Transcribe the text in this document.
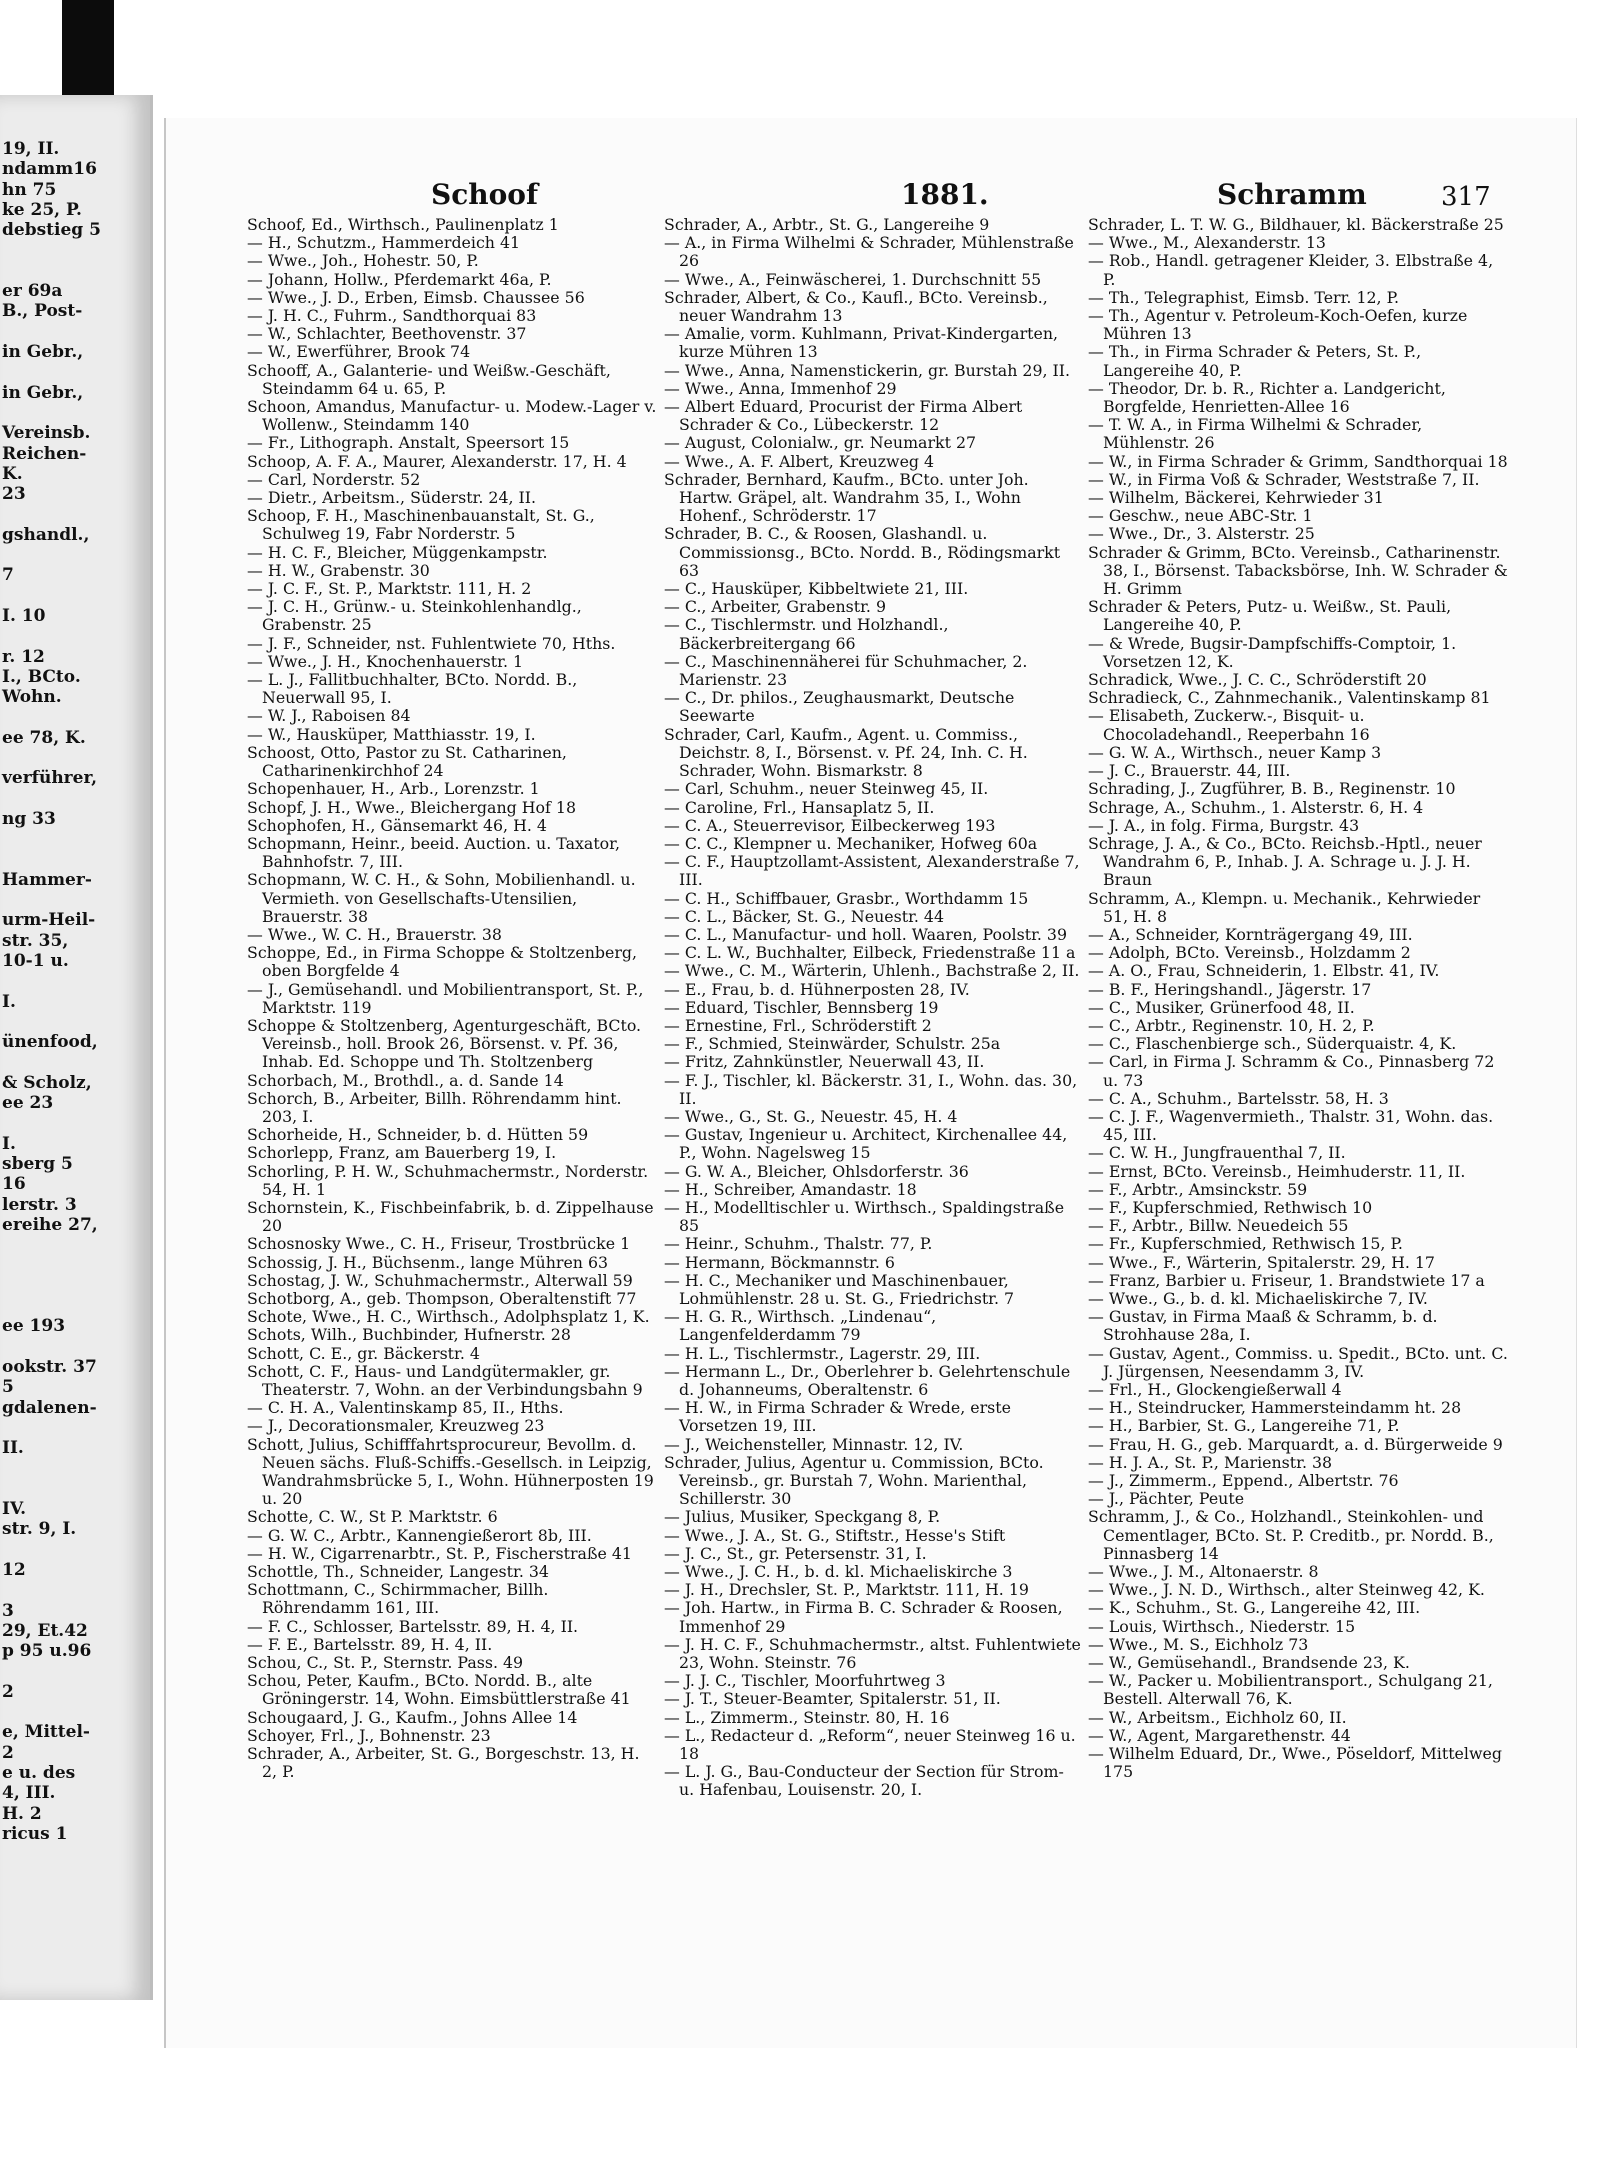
19, II.
ndamm16
hn 75
ke 25, P.
debstieg 5
er 69a
B., Post-
in Gebr.,
in Gebr.,
Vereinsb.
Reichen-
K.
23
gshandl.,
7
I. 10
r. 12
I., BCto.
Wohn.
ee 78, K.
verführer,
ng 33
Hammer-
urm-Heil-
str. 35,
10-1 u.
I.
ünenfood,
& Scholz,
ee 23
I.
sberg 5
16
lerstr. 3
ereihe 27,
ee 193
ookstr. 37
5
gdalenen-
II.
IV.
str. 9, I.
12
3
29, Et.42
p 95 u.96
2
e, Mittel-
2
e u. des
4, III.
H. 2
ricus 1
Schoof	1881.	Schramm	317

Schoof, Ed., Wirthsch., Paulinenplatz 1

— H., Schutzm., Hammerdeich 41

— Wwe., Joh., Hohestr. 50, P.

— Johann, Hollw., Pferdemarkt 46a, P.

— Wwe., J. D., Erben, Eimsb. Chaussee 56

— J. H. C., Fuhrm., Sandthorquai 83

— W., Schlachter, Beethovenstr. 37

— W., Ewerführer, Brook 74

Schooff, A., Galanterie- und Weißw.-Geschäft, Steindamm 64 u. 65, P.

Schoon, Amandus, Manufactur- u. Modew.-Lager v. Wollenw., Steindamm 140

— Fr., Lithograph. Anstalt, Speersort 15

Schoop, A. F. A., Maurer, Alexanderstr. 17, H. 4

— Carl, Norderstr. 52

— Dietr., Arbeitsm., Süderstr. 24, II.

Schoop, F. H., Maschinenbauanstalt, St. G., Schulweg 19, Fabr Norderstr. 5

— H. C. F., Bleicher, Müggenkampstr.

— H. W., Grabenstr. 30

— J. C. F., St. P., Marktstr. 111, H. 2

— J. C. H., Grünw.- u. Steinkohlenhandlg., Grabenstr. 25

— J. F., Schneider, nst. Fuhlentwiete 70, Hths.

— Wwe., J. H., Knochenhauerstr. 1

— L. J., Fallitbuchhalter, BCto. Nordd. B., Neuerwall 95, I.

— W. J., Raboisen 84

— W., Hausküper, Matthiasstr. 19, I.

Schoost, Otto, Pastor zu St. Catharinen, Catharinenkirchhof 24

Schopenhauer, H., Arb., Lorenzstr. 1

Schopf, J. H., Wwe., Bleichergang Hof 18

Schophofen, H., Gänsemarkt 46, H. 4

Schopmann, Heinr., beeid. Auction. u. Taxator, Bahnhofstr. 7, III.

Schopmann, W. C. H., & Sohn, Mobilienhandl. u. Vermieth. von Gesellschafts-Utensilien, Brauerstr. 38

— Wwe., W. C. H., Brauerstr. 38

Schoppe, Ed., in Firma Schoppe & Stoltzenberg, oben Borgfelde 4

— J., Gemüsehandl. und Mobilientransport, St. P., Marktstr. 119

Schoppe & Stoltzenberg, Agenturgeschäft, BCto. Vereinsb., holl. Brook 26, Börsenst. v. Pf. 36, Inhab. Ed. Schoppe und Th. Stoltzenberg

Schorbach, M., Brothdl., a. d. Sande 14

Schorch, B., Arbeiter, Billh. Röhrendamm hint. 203, I.

Schorheide, H., Schneider, b. d. Hütten 59

Schorlepp, Franz, am Bauerberg 19, I.

Schorling, P. H. W., Schuhmachermstr., Norderstr. 54, H. 1

Schornstein, K., Fischbeinfabrik, b. d. Zippelhause 20

Schosnosky Wwe., C. H., Friseur, Trostbrücke 1

Schossig, J. H., Büchsenm., lange Mühren 63

Schostag, J. W., Schuhmachermstr., Alterwall 59

Schotborg, A., geb. Thompson, Oberaltenstift 77

Schote, Wwe., H. C., Wirthsch., Adolphsplatz 1, K.

Schots, Wilh., Buchbinder, Hufnerstr. 28

Schott, C. E., gr. Bäckerstr. 4

Schott, C. F., Haus- und Landgütermakler, gr. Theaterstr. 7, Wohn. an der Verbindungsbahn 9

— C. H. A., Valentinskamp 85, II., Hths.

— J., Decorationsmaler, Kreuzweg 23

Schott, Julius, Schifffahrtsprocureur, Bevollm. d. Neuen sächs. Fluß-Schiffs.-Gesellsch. in Leipzig, Wandrahmsbrücke 5, I., Wohn. Hühnerposten 19 u. 20

Schotte, C. W., St P. Marktstr. 6

— G. W. C., Arbtr., Kannengießerort 8b, III.

— H. W., Cigarrenarbtr., St. P., Fischerstraße 41

Schottle, Th., Schneider, Langestr. 34

Schottmann, C., Schirmmacher, Billh. Röhrendamm 161, III.

— F. C., Schlosser, Bartelsstr. 89, H. 4, II.

— F. E., Bartelsstr. 89, H. 4, II.

Schou, C., St. P., Sternstr. Pass. 49

Schou, Peter, Kaufm., BCto. Nordd. B., alte Gröningerstr. 14, Wohn. Eimsbüttlerstraße 41

Schougaard, J. G., Kaufm., Johns Allee 14

Schoyer, Frl., J., Bohnenstr. 23

Schrader, A., Arbeiter, St. G., Borgeschstr. 13, H. 2, P.

Schrader, A., Arbtr., St. G., Langereihe 9

— A., in Firma Wilhelmi & Schrader, Mühlenstraße 26

— Wwe., A., Feinwäscherei, 1. Durchschnitt 55

Schrader, Albert, & Co., Kaufl., BCto. Vereinsb., neuer Wandrahm 13

— Amalie, vorm. Kuhlmann, Privat-Kindergarten, kurze Mühren 13

— Wwe., Anna, Namenstickerin, gr. Burstah 29, II.

— Wwe., Anna, Immenhof 29

— Albert Eduard, Procurist der Firma Albert Schrader & Co., Lübeckerstr. 12

— August, Colonialw., gr. Neumarkt 27

— Wwe., A. F. Albert, Kreuzweg 4

Schrader, Bernhard, Kaufm., BCto. unter Joh. Hartw. Gräpel, alt. Wandrahm 35, I., Wohn Hohenf., Schröderstr. 17

Schrader, B. C., & Roosen, Glashandl. u. Commissionsg., BCto. Nordd. B., Rödingsmarkt 63

— C., Hausküper, Kibbeltwiete 21, III.

— C., Arbeiter, Grabenstr. 9

— C., Tischlermstr. und Holzhandl., Bäckerbreitergang 66

— C., Maschinennäherei für Schuhmacher, 2. Marienstr. 23

— C., Dr. philos., Zeughausmarkt, Deutsche Seewarte

Schrader, Carl, Kaufm., Agent. u. Commiss., Deichstr. 8, I., Börsenst. v. Pf. 24, Inh. C. H. Schrader, Wohn. Bismarkstr. 8

— Carl, Schuhm., neuer Steinweg 45, II.

— Caroline, Frl., Hansaplatz 5, II.

— C. A., Steuerrevisor, Eilbeckerweg 193

— C. C., Klempner u. Mechaniker, Hofweg 60a

— C. F., Hauptzollamt-Assistent, Alexanderstraße 7, III.

— C. H., Schiffbauer, Grasbr., Worthdamm 15

— C. L., Bäcker, St. G., Neuestr. 44

— C. L., Manufactur- und holl. Waaren, Poolstr. 39

— C. L. W., Buchhalter, Eilbeck, Friedenstraße 11 a

— Wwe., C. M., Wärterin, Uhlenh., Bachstraße 2, II.

— E., Frau, b. d. Hühnerposten 28, IV.

— Eduard, Tischler, Bennsberg 19

— Ernestine, Frl., Schröderstift 2

— F., Schmied, Steinwärder, Schulstr. 25a

— Fritz, Zahnkünstler, Neuerwall 43, II.

— F. J., Tischler, kl. Bäckerstr. 31, I., Wohn. das. 30, II.

— Wwe., G., St. G., Neuestr. 45, H. 4

— Gustav, Ingenieur u. Architect, Kirchenallee 44, P., Wohn. Nagelsweg 15

— G. W. A., Bleicher, Ohlsdorferstr. 36

— H., Schreiber, Amandastr. 18

— H., Modelltischler u. Wirthsch., Spaldingstraße 85

— Heinr., Schuhm., Thalstr. 77, P.

— Hermann, Böckmannstr. 6

— H. C., Mechaniker und Maschinenbauer, Lohmühlenstr. 28 u. St. G., Friedrichstr. 7

— H. G. R., Wirthsch. „Lindenau“, Langenfelderdamm 79

— H. L., Tischlermstr., Lagerstr. 29, III.

— Hermann L., Dr., Oberlehrer b. Gelehrtenschule d. Johanneums, Oberaltenstr. 6

— H. W., in Firma Schrader & Wrede, erste Vorsetzen 19, III.

— J., Weichensteller, Minnastr. 12, IV.

Schrader, Julius, Agentur u. Commission, BCto. Vereinsb., gr. Burstah 7, Wohn. Marienthal, Schillerstr. 30

— Julius, Musiker, Speckgang 8, P.

— Wwe., J. A., St. G., Stiftstr., Hesse's Stift

— J. C., St., gr. Petersenstr. 31, I.

— Wwe., J. C. H., b. d. kl. Michaeliskirche 3

— J. H., Drechsler, St. P., Marktstr. 111, H. 19

— Joh. Hartw., in Firma B. C. Schrader & Roosen, Immenhof 29

— J. H. C. F., Schuhmachermstr., altst. Fuhlentwiete 23, Wohn. Steinstr. 76

— J. J. C., Tischler, Moorfuhrtweg 3

— J. T., Steuer-Beamter, Spitalerstr. 51, II.

— L., Zimmerm., Steinstr. 80, H. 16

— L., Redacteur d. „Reform“, neuer Steinweg 16 u. 18

— L. J. G., Bau-Conducteur der Section für Strom- u. Hafenbau, Louisenstr. 20, I.

Schrader, L. T. W. G., Bildhauer, kl. Bäckerstraße 25

— Wwe., M., Alexanderstr. 13

— Rob., Handl. getragener Kleider, 3. Elbstraße 4, P.

— Th., Telegraphist, Eimsb. Terr. 12, P.

— Th., Agentur v. Petroleum-Koch-Oefen, kurze Mühren 13

— Th., in Firma Schrader & Peters, St. P., Langereihe 40, P.

— Theodor, Dr. b. R., Richter a. Landgericht, Borgfelde, Henrietten-Allee 16

— T. W. A., in Firma Wilhelmi & Schrader, Mühlenstr. 26

— W., in Firma Schrader & Grimm, Sandthorquai 18

— W., in Firma Voß & Schrader, Weststraße 7, II.

— Wilhelm, Bäckerei, Kehrwieder 31

— Geschw., neue ABC-Str. 1

— Wwe., Dr., 3. Alsterstr. 25

Schrader & Grimm, BCto. Vereinsb., Catharinenstr. 38, I., Börsenst. Tabacksbörse, Inh. W. Schrader & H. Grimm

Schrader & Peters, Putz- u. Weißw., St. Pauli, Langereihe 40, P.

— & Wrede, Bugsir-Dampfschiffs-Comptoir, 1. Vorsetzen 12, K.

Schradick, Wwe., J. C. C., Schröderstift 20

Schradieck, C., Zahnmechanik., Valentinskamp 81

— Elisabeth, Zuckerw.-, Bisquit- u. Chocoladehandl., Reeperbahn 16

— G. W. A., Wirthsch., neuer Kamp 3

— J. C., Brauerstr. 44, III.

Schrading, J., Zugführer, B. B., Reginenstr. 10

Schrage, A., Schuhm., 1. Alsterstr. 6, H. 4

— J. A., in folg. Firma, Burgstr. 43

Schrage, J. A., & Co., BCto. Reichsb.-Hptl., neuer Wandrahm 6, P., Inhab. J. A. Schrage u. J. J. H. Braun

Schramm, A., Klempn. u. Mechanik., Kehrwieder 51, H. 8

— A., Schneider, Kornträgergang 49, III.

— Adolph, BCto. Vereinsb., Holzdamm 2

— A. O., Frau, Schneiderin, 1. Elbstr. 41, IV.

— B. F., Heringshandl., Jägerstr. 17

— C., Musiker, Grünerfood 48, II.

— C., Arbtr., Reginenstr. 10, H. 2, P.

— C., Flaschenbierge sch., Süderquaistr. 4, K.

— Carl, in Firma J. Schramm & Co., Pinnasberg 72 u. 73

— C. A., Schuhm., Bartelsstr. 58, H. 3

— C. J. F., Wagenvermieth., Thalstr. 31, Wohn. das. 45, III.

— C. W. H., Jungfrauenthal 7, II.

— Ernst, BCto. Vereinsb., Heimhuderstr. 11, II.

— F., Arbtr., Amsinckstr. 59

— F., Kupferschmied, Rethwisch 10

— F., Arbtr., Billw. Neuedeich 55

— Fr., Kupferschmied, Rethwisch 15, P.

— Wwe., F., Wärterin, Spitalerstr. 29, H. 17

— Franz, Barbier u. Friseur, 1. Brandstwiete 17 a

— Wwe., G., b. d. kl. Michaeliskirche 7, IV.

— Gustav, in Firma Maaß & Schramm, b. d. Strohhause 28a, I.

— Gustav, Agent., Commiss. u. Spedit., BCto. unt. C. J. Jürgensen, Neesendamm 3, IV.

— Frl., H., Glockengießerwall 4

— H., Steindrucker, Hammersteindamm ht. 28

— H., Barbier, St. G., Langereihe 71, P.

— Frau, H. G., geb. Marquardt, a. d. Bürgerweide 9

— H. J. A., St. P., Marienstr. 38

— J., Zimmerm., Eppend., Albertstr. 76

— J., Pächter, Peute

Schramm, J., & Co., Holzhandl., Steinkohlen- und Cementlager, BCto. St. P. Creditb., pr. Nordd. B., Pinnasberg 14

— Wwe., J. M., Altonaerstr. 8

— Wwe., J. N. D., Wirthsch., alter Steinweg 42, K.

— K., Schuhm., St. G., Langereihe 42, III.

— Louis, Wirthsch., Niederstr. 15

— Wwe., M. S., Eichholz 73

— W., Gemüsehandl., Brandsende 23, K.

— W., Packer u. Mobilientransport., Schulgang 21, Bestell. Alterwall 76, K.

— W., Arbeitsm., Eichholz 60, II.

— W., Agent, Margarethenstr. 44

— Wilhelm Eduard, Dr., Wwe., Pöseldorf, Mittelweg 175
